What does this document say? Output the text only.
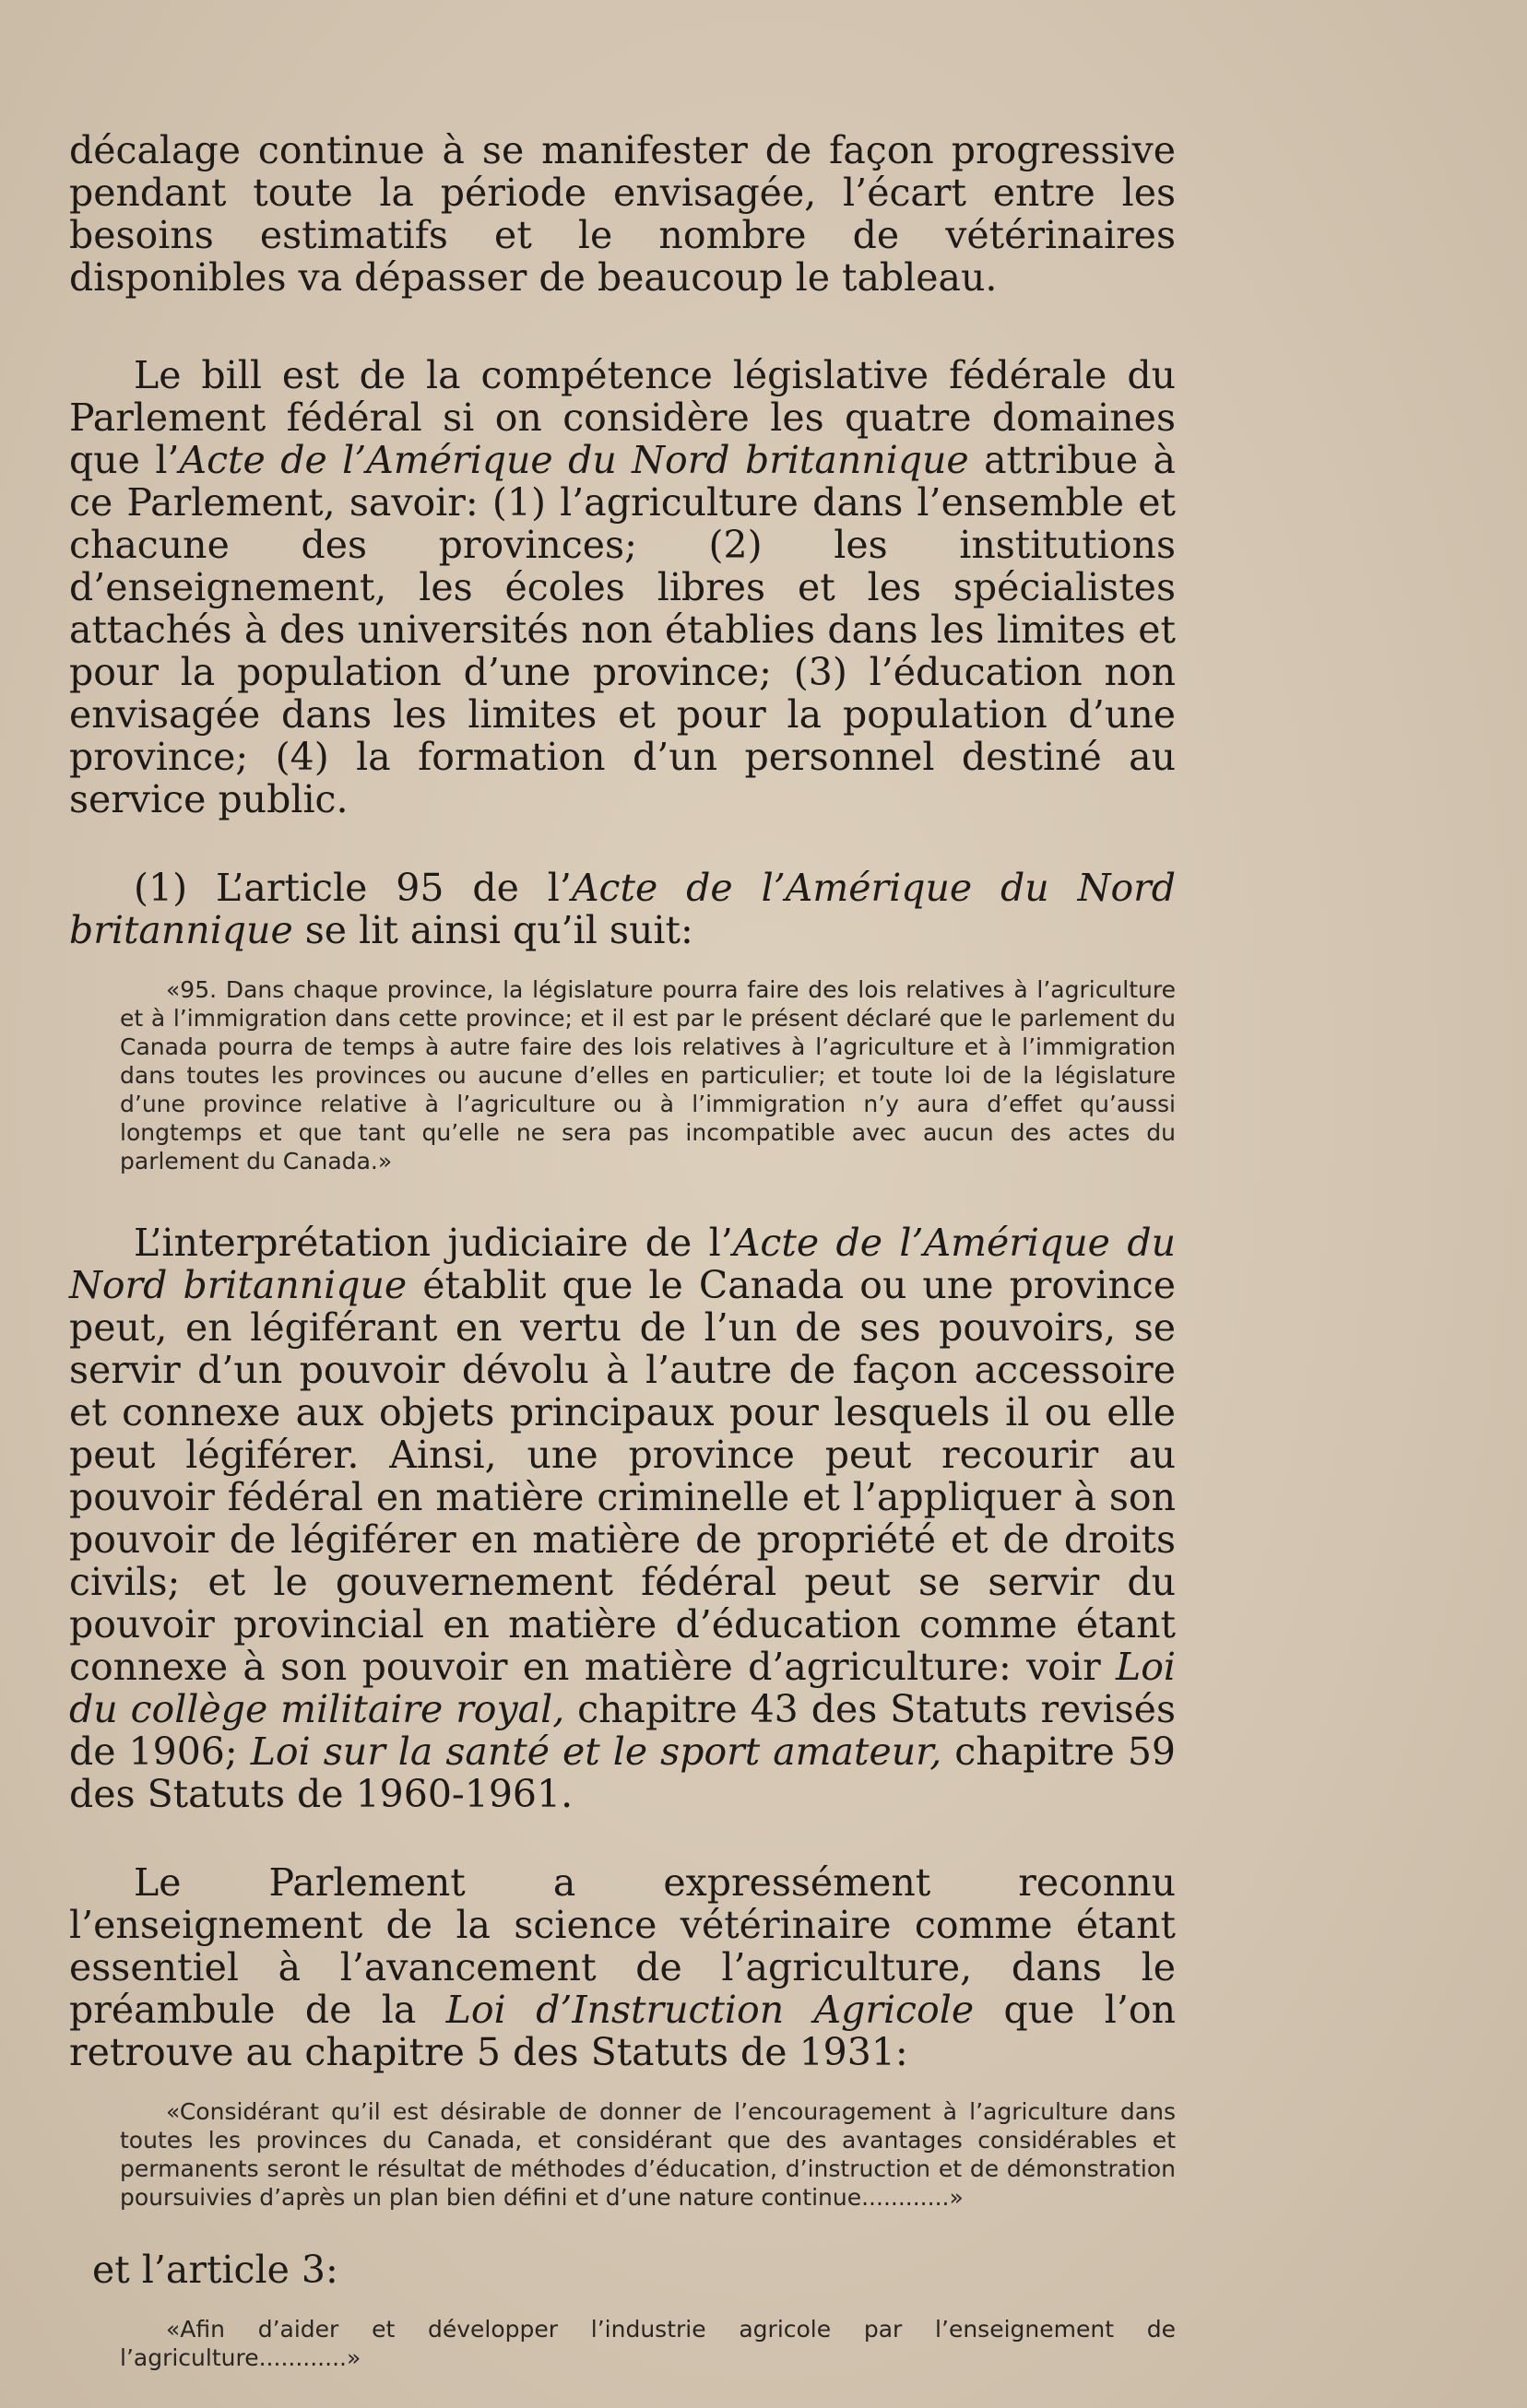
décalage continue à se manifester de façon progressive pendant toute la période envisagée, l’écart entre les besoins estimatifs et le nombre de vétérinaires disponibles va dépasser de beaucoup le tableau.

Le bill est de la compétence législative fédérale du Parlement fédéral si on considère les quatre domaines que l’Acte de l’Amérique du Nord britannique attribue à ce Parlement, savoir: (1) l’agriculture dans l’ensemble et chacune des provinces; (2) les institutions d’enseignement, les écoles libres et les spécialistes attachés à des universités non établies dans les limites et pour la population d’une province; (3) l’éducation non envisagée dans les limites et pour la population d’une province; (4) la formation d’un personnel destiné au service public.

(1) L’article 95 de l’Acte de l’Amérique du Nord britannique se lit ainsi qu’il suit:

«95. Dans chaque province, la législature pourra faire des lois relatives à l’agriculture et à l’immigration dans cette province; et il est par le présent déclaré que le parlement du Canada pourra de temps à autre faire des lois relatives à l’agriculture et à l’immigration dans toutes les provinces ou aucune d’elles en particulier; et toute loi de la législature d’une province relative à l’agriculture ou à l’immigration n’y aura d’effet qu’aussi longtemps et que tant qu’elle ne sera pas incompatible avec aucun des actes du parlement du Canada.»

L’interprétation judiciaire de l’Acte de l’Amérique du Nord britannique établit que le Canada ou une province peut, en légiférant en vertu de l’un de ses pouvoirs, se servir d’un pouvoir dévolu à l’autre de façon accessoire et connexe aux objets principaux pour lesquels il ou elle peut légiférer. Ainsi, une province peut recourir au pouvoir fédéral en matière criminelle et l’appliquer à son pouvoir de légiférer en matière de propriété et de droits civils; et le gouvernement fédéral peut se servir du pouvoir provincial en matière d’éducation comme étant connexe à son pouvoir en matière d’agriculture: voir Loi du collège militaire royal, chapitre 43 des Statuts revisés de 1906; Loi sur la santé et le sport amateur, chapitre 59 des Statuts de 1960-1961.

Le Parlement a expressément reconnu l’enseignement de la science vétérinaire comme étant essentiel à l’avancement de l’agriculture, dans le préambule de la Loi d’Instruction Agricole que l’on retrouve au chapitre 5 des Statuts de 1931:

«Considérant qu’il est désirable de donner de l’encouragement à l’agriculture dans toutes les provinces du Canada, et considérant que des avantages considérables et permanents seront le résultat de méthodes d’éducation, d’instruction et de démonstration poursuivies d’après un plan bien défini et d’une nature continue............»

et l’article 3:

«Afin d’aider et développer l’industrie agricole par l’enseignement de l’agriculture............»
